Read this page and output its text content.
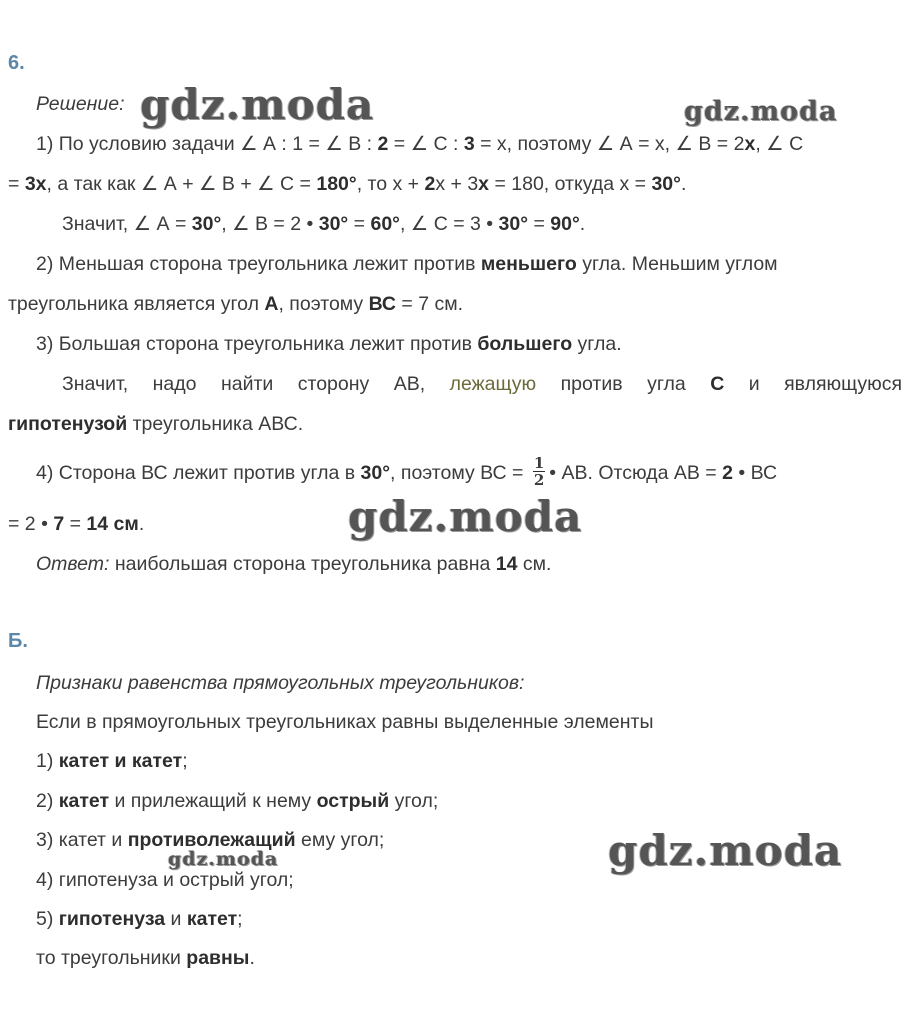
6.
Решение: gdz.moda	gdz.moda
1) По условию задачи ∠ А : 1 = ∠ В : 2 = ∠ С : 3 = х, поэтому ∠ А = х, ∠ В = 2х, ∠ С
= 3х, а так как ∠ А + ∠ В + ∠ С = 180°, то х + 2х + 3х = 180, откуда х = 30°.
Значит, ∠ А = 30°, ∠ В = 2 • 30° = 60°, ∠ С = 3 • 30° = 90°.
2) Меньшая сторона треугольника лежит против меньшего угла. Меньшим углом
треугольника является угол А, поэтому ВС = 7 см.
3) Большая сторона треугольника лежит против большего угла.
Значит, надо найти сторону АВ, лежащую против угла С и являющуюся
гипотенузой треугольника АВС.
4) Сторона ВС лежит против угла в 30°, поэтому ВС = $\frac{1}{2}$ • АВ. Отсюда АВ = 2 • ВС
= 2 • 7 = 14 см.	gdz.moda
Ответ: наибольшая сторона треугольника равна 14 см.
Б.
Признаки равенства прямоугольных треугольников:
Если в прямоугольных треугольниках равны выделенные элементы
1) катет и катет;
2) катет и прилежащий к нему острый угол;
3) катет и противолежащий ему угол;
gdz.moda	gdz.moda
4) гипотенуза и острый угол;
5) гипотенуза и катет;
то треугольники равны.
